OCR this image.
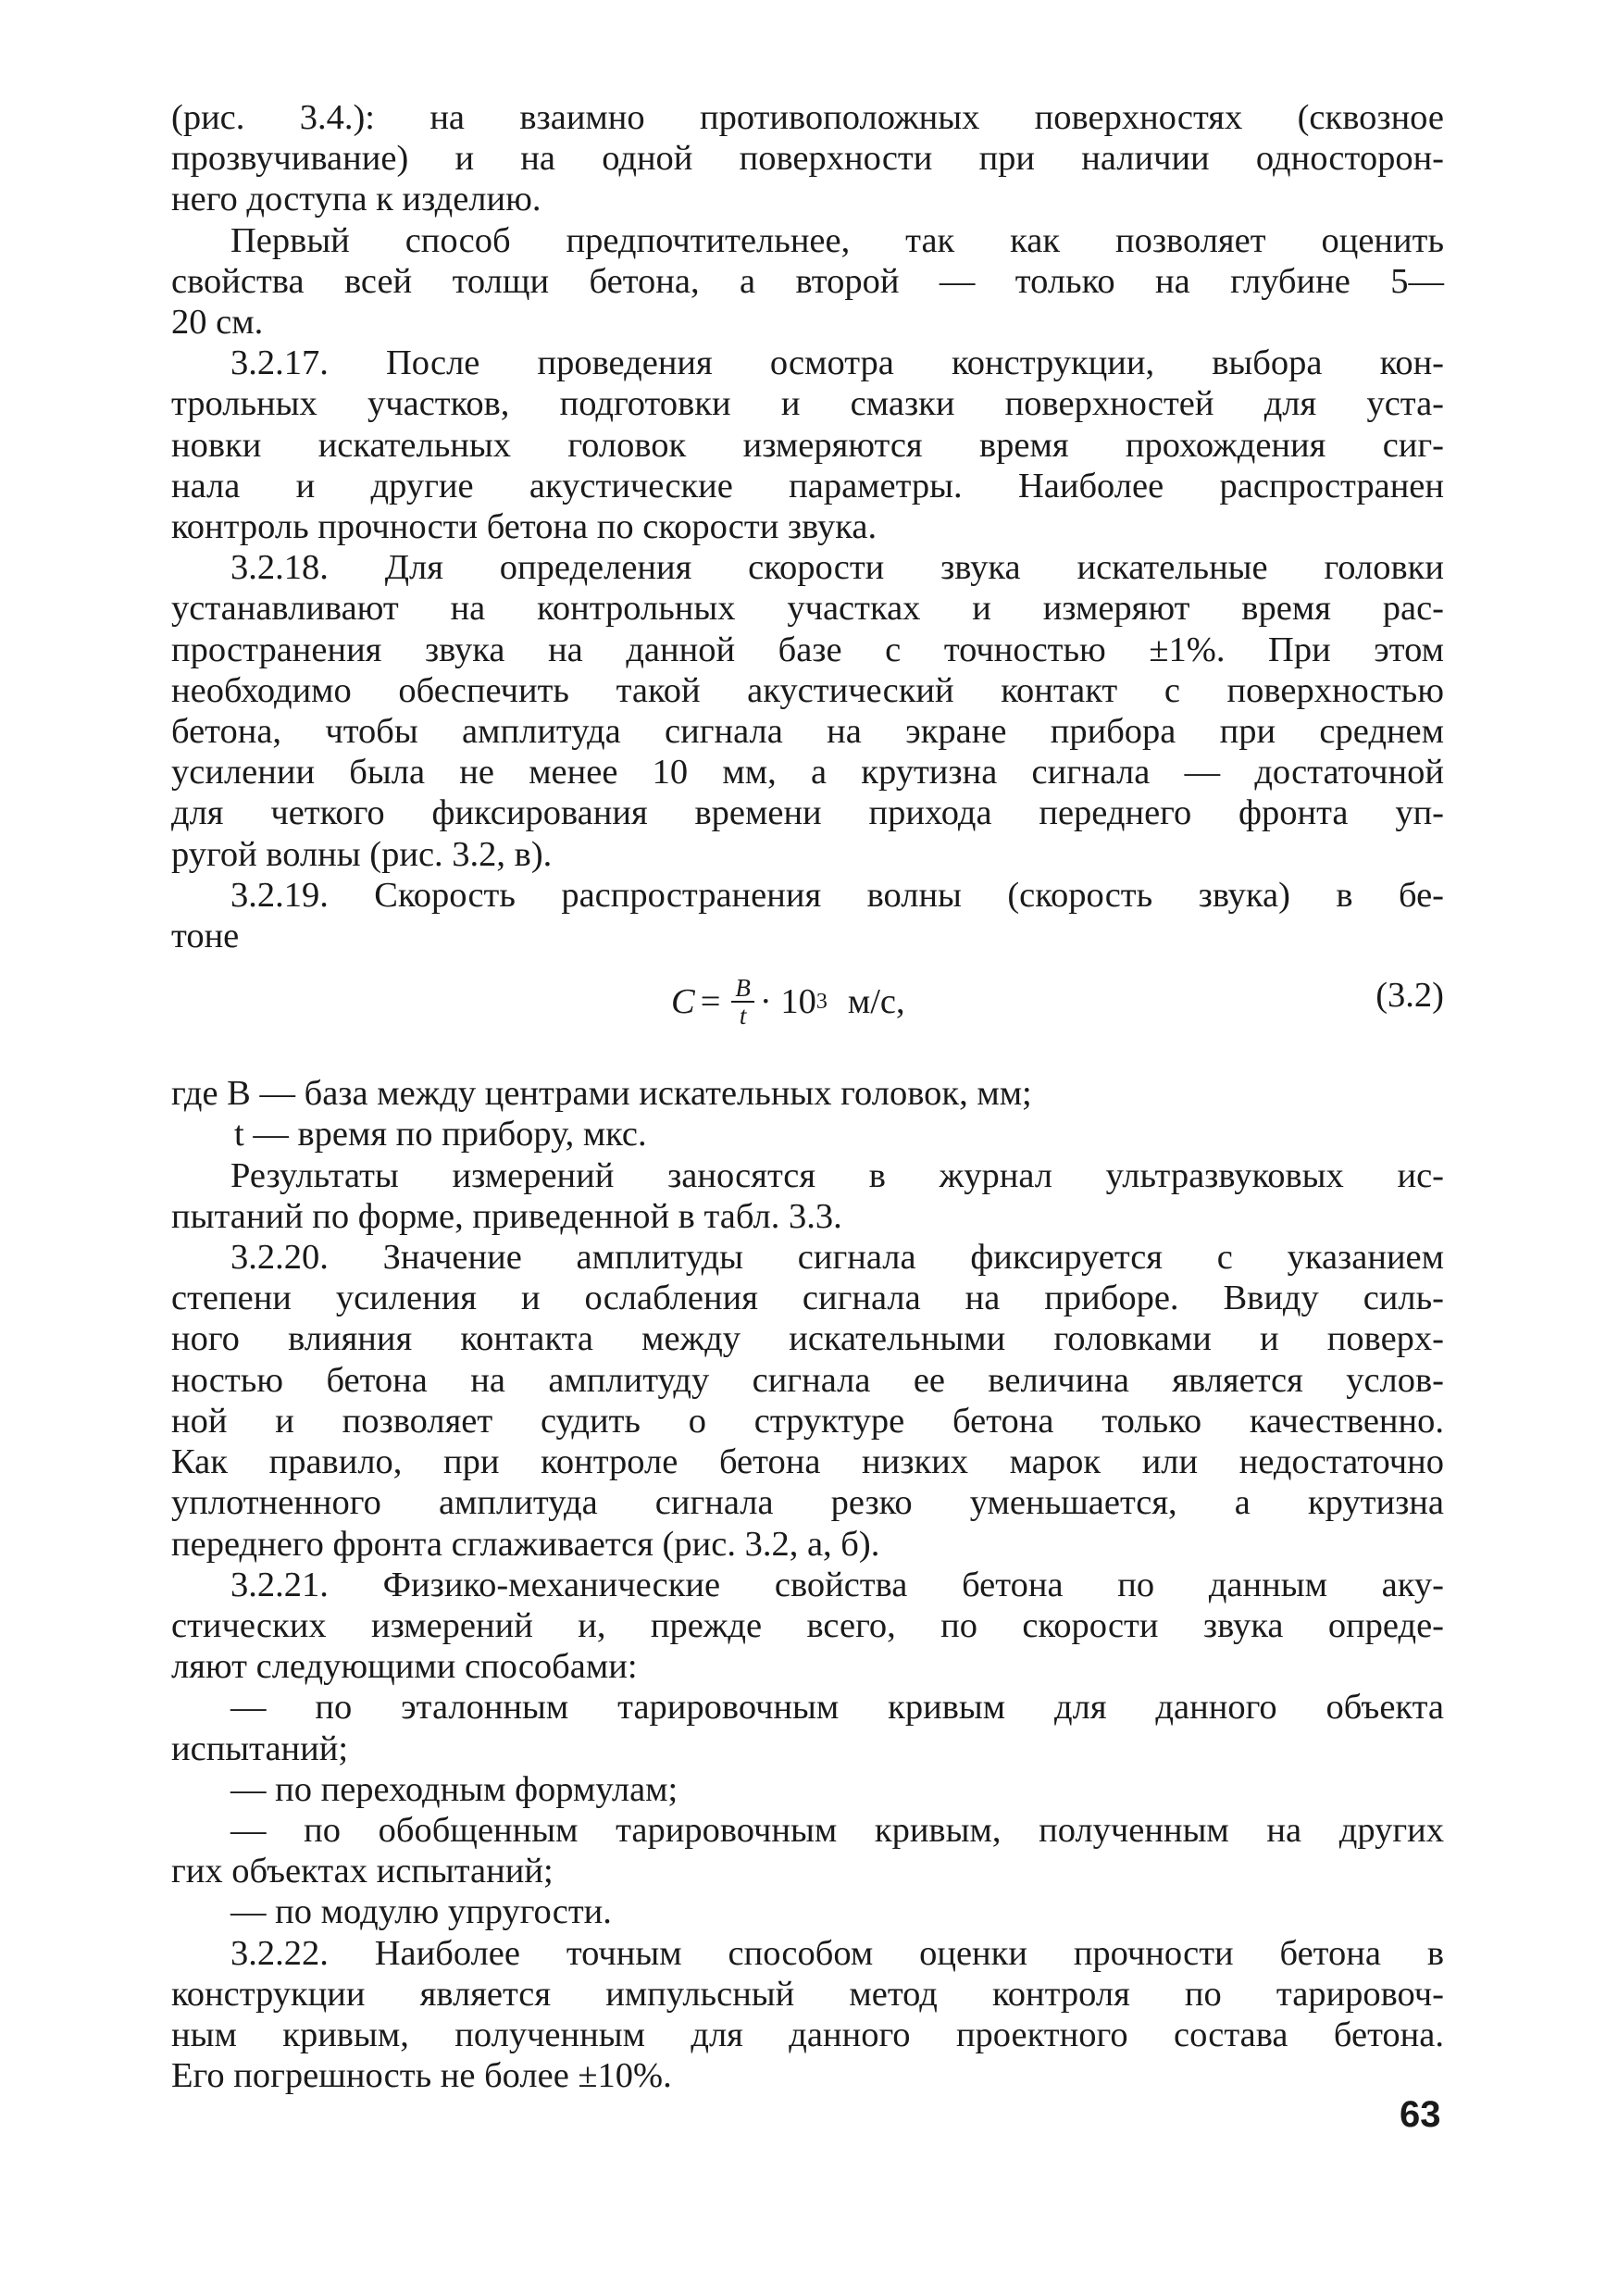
(рис. 3.4.): на взаимно противоположных поверхностях (сквозное
прозвучивание) и на одной поверхности при наличии односторон-
него доступа к изделию.
Первый способ предпочтительнее, так как позволяет оценить
свойства всей толщи бетона, а второй — только на глубине 5—
20 см.
3.2.17. После проведения осмотра конструкции, выбора кон-
трольных участков, подготовки и смазки поверхностей для уста-
новки искательных головок измеряются время прохождения сиг-
нала и другие акустические параметры. Наиболее распространен
контроль прочности бетона по скорости звука.
3.2.18. Для определения скорости звука искательные головки
устанавливают на контрольных участках и измеряют время рас-
пространения звука на данной базе с точностью ±1%. При этом
необходимо обеспечить такой акустический контакт с поверхностью
бетона, чтобы амплитуда сигнала на экране прибора при среднем
усилении была не менее 10 мм, а крутизна сигнала — достаточной
для четкого фиксирования времени прихода переднего фронта уп-
ругой волны (рис. 3.2, в).
3.2.19. Скорость распространения волны (скорость звука) в бе-
тоне
$C = \frac{B}{t} \cdot 10$ 3 м/с,	(3.2)
где B — база между центрами искательных головок, мм;
t — время по прибору, мкс.
Результаты измерений заносятся в журнал ультразвуковых ис-
пытаний по форме, приведенной в табл. 3.3.
3.2.20. Значение амплитуды сигнала фиксируется с указанием
степени усиления и ослабления сигнала на приборе. Ввиду силь-
ного влияния контакта между искательными головками и поверх-
ностью бетона на амплитуду сигнала ее величина является услов-
ной и позволяет судить о структуре бетона только качественно.
Как правило, при контроле бетона низких марок или недостаточно
уплотненного амплитуда сигнала резко уменьшается, а крутизна
переднего фронта сглаживается (рис. 3.2, а, б).
3.2.21. Физико-механические свойства бетона по данным аку-
стических измерений и, прежде всего, по скорости звука опреде-
ляют следующими способами:
— по эталонным тарировочным кривым для данного объекта
испытаний;
— по переходным формулам;
— по обобщенным тарировочным кривым, полученным на других
гих объектах испытаний;
— по модулю упругости.
3.2.22. Наиболее точным способом оценки прочности бетона в
конструкции является импульсный метод контроля по тарировоч-
ным кривым, полученным для данного проектного состава бетона.
Его погрешность не более ±10%.
63
